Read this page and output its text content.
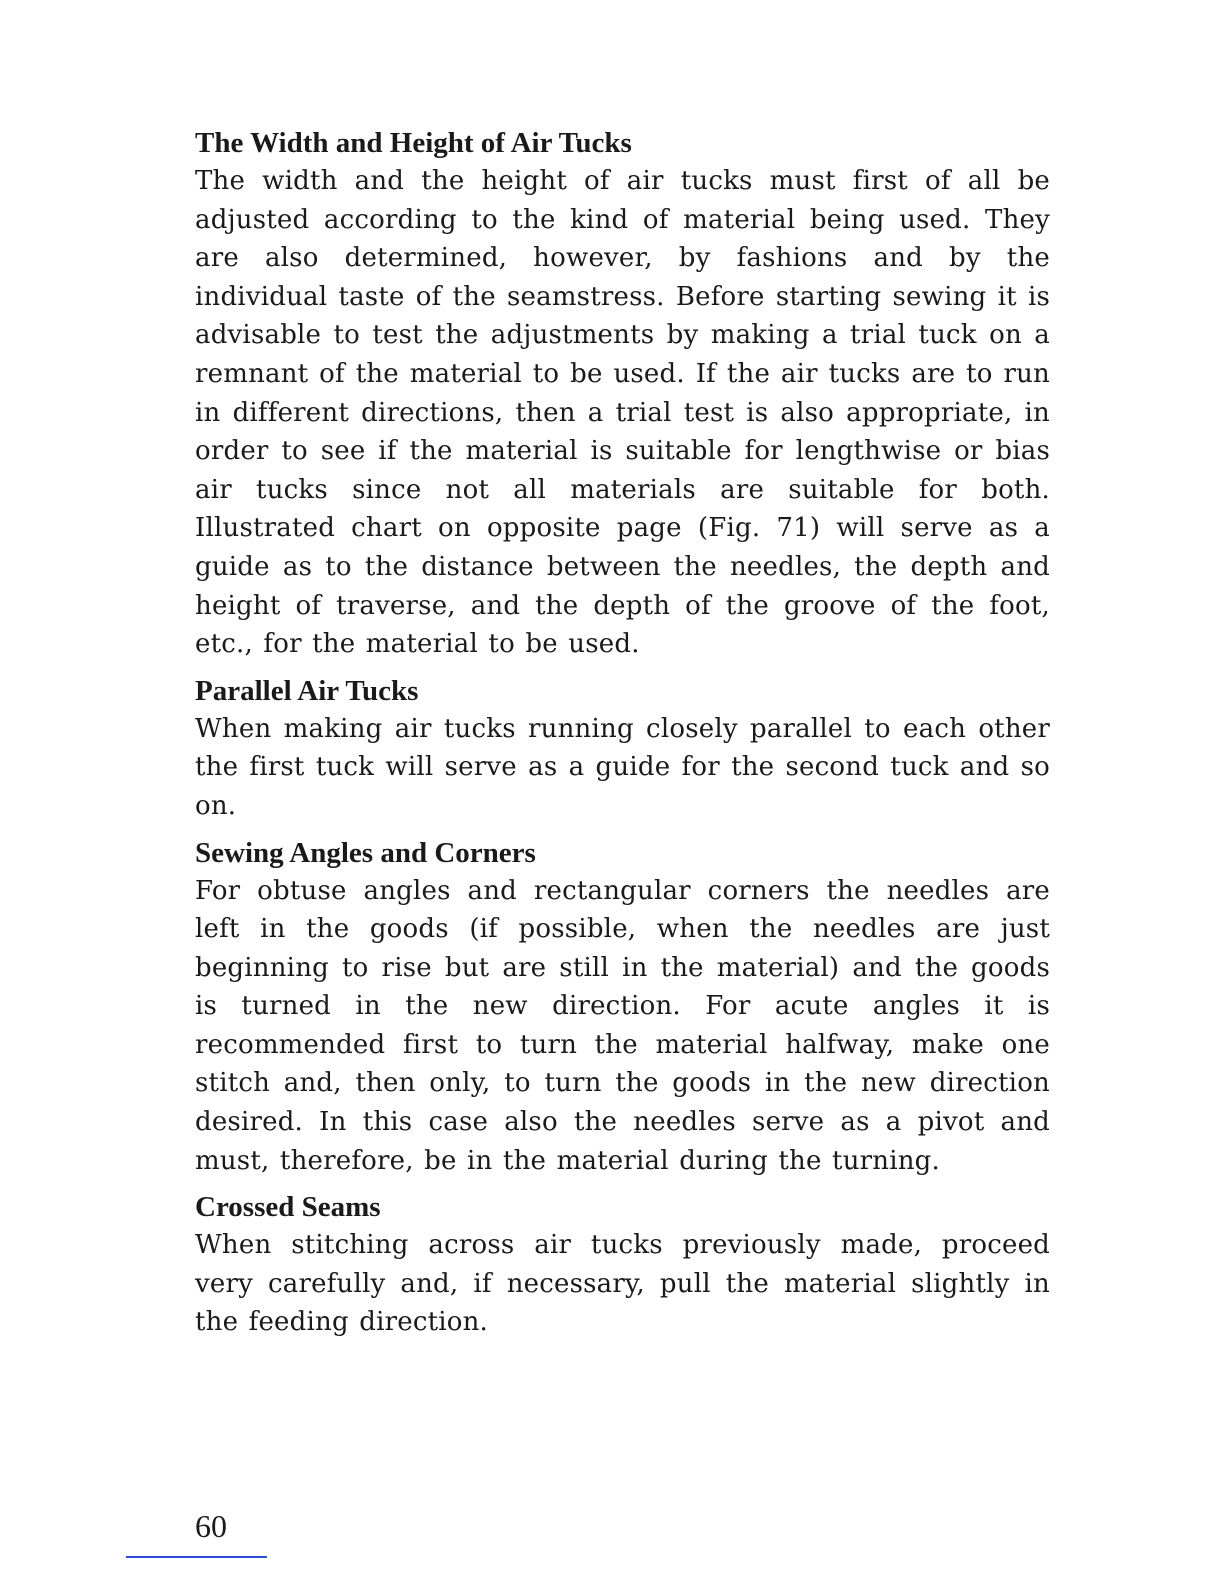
The Width and Height of Air Tucks

The width and the height of air tucks must first of all be adjusted according to the kind of material being used. They are also determined, however, by fashions and by the individual taste of the seamstress. Before starting sewing it is advisable to test the adjustments by making a trial tuck on a remnant of the material to be used. If the air tucks are to run in different directions, then a trial test is also appropriate, in order to see if the material is suitable for lengthwise or bias air tucks since not all materials are suitable for both. Illustrated chart on opposite page (Fig. 71) will serve as a guide as to the distance between the needles, the depth and height of traverse, and the depth of the groove of the foot, etc., for the material to be used.

Parallel Air Tucks

When making air tucks running closely parallel to each other the first tuck will serve as a guide for the second tuck and so on.

Sewing Angles and Corners

For obtuse angles and rectangular corners the needles are left in the goods (if possible, when the needles are just beginning to rise but are still in the material) and the goods is turned in the new direction. For acute angles it is recommended first to turn the material halfway, make one stitch and, then only, to turn the goods in the new direction desired. In this case also the needles serve as a pivot and must, therefore, be in the material during the turning.

Crossed Seams

When stitching across air tucks previously made, proceed very carefully and, if necessary, pull the material slightly in the feeding direction.

60
